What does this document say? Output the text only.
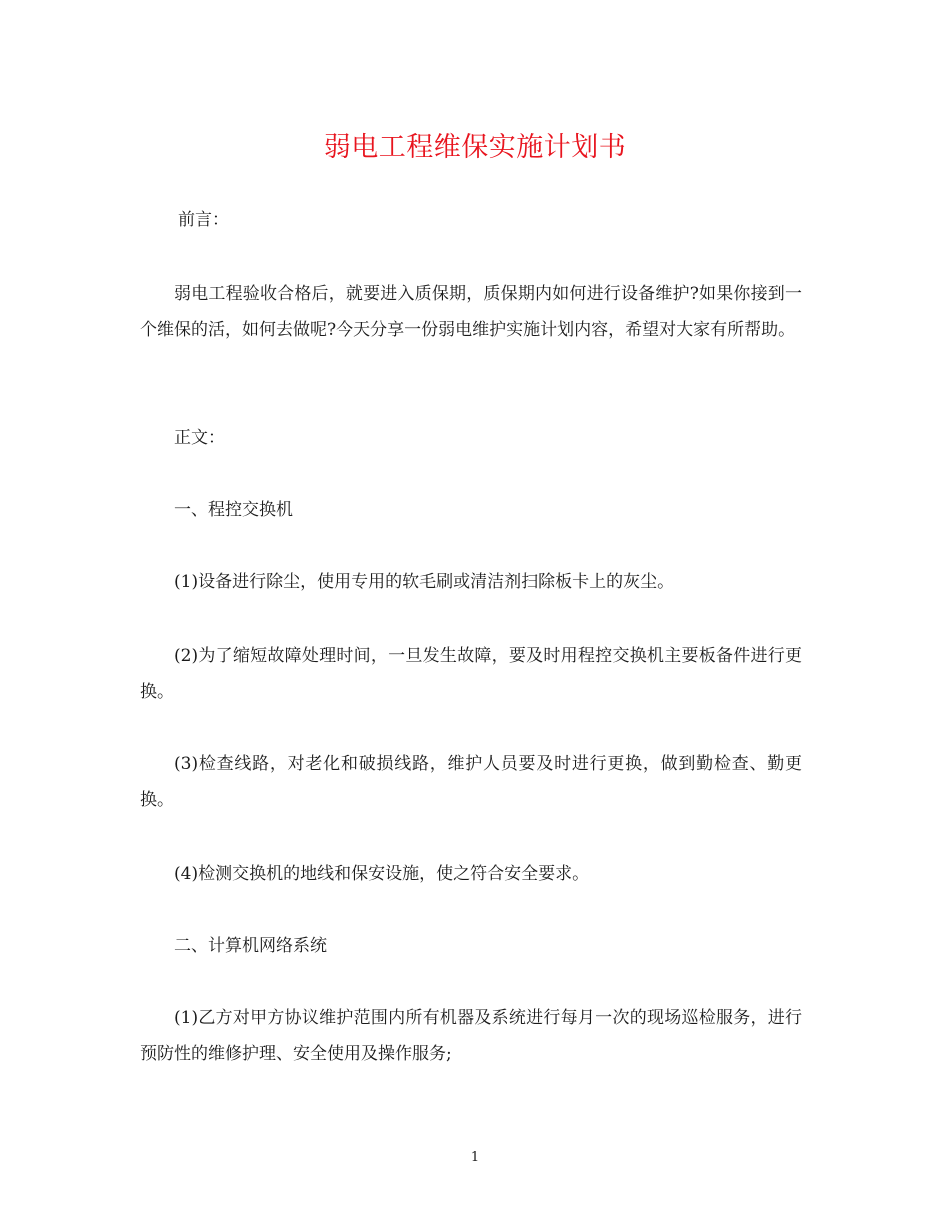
弱电工程维保实施计划书

前言：

弱电工程验收合格后，就要进入质保期，质保期内如何进行设备维护?如果你接到一个维保的活，如何去做呢?今天分享一份弱电维护实施计划内容，希望对大家有所帮助。

正文：

一、程控交换机

(1)设备进行除尘，使用专用的软毛刷或清洁剂扫除板卡上的灰尘。

(2)为了缩短故障处理时间，一旦发生故障，要及时用程控交换机主要板备件进行更换。

(3)检查线路，对老化和破损线路，维护人员要及时进行更换，做到勤检查、勤更换。

(4)检测交换机的地线和保安设施，使之符合安全要求。

二、计算机网络系统

(1)乙方对甲方协议维护范围内所有机器及系统进行每月一次的现场巡检服务，进行预防性的维修护理、安全使用及操作服务;

1
